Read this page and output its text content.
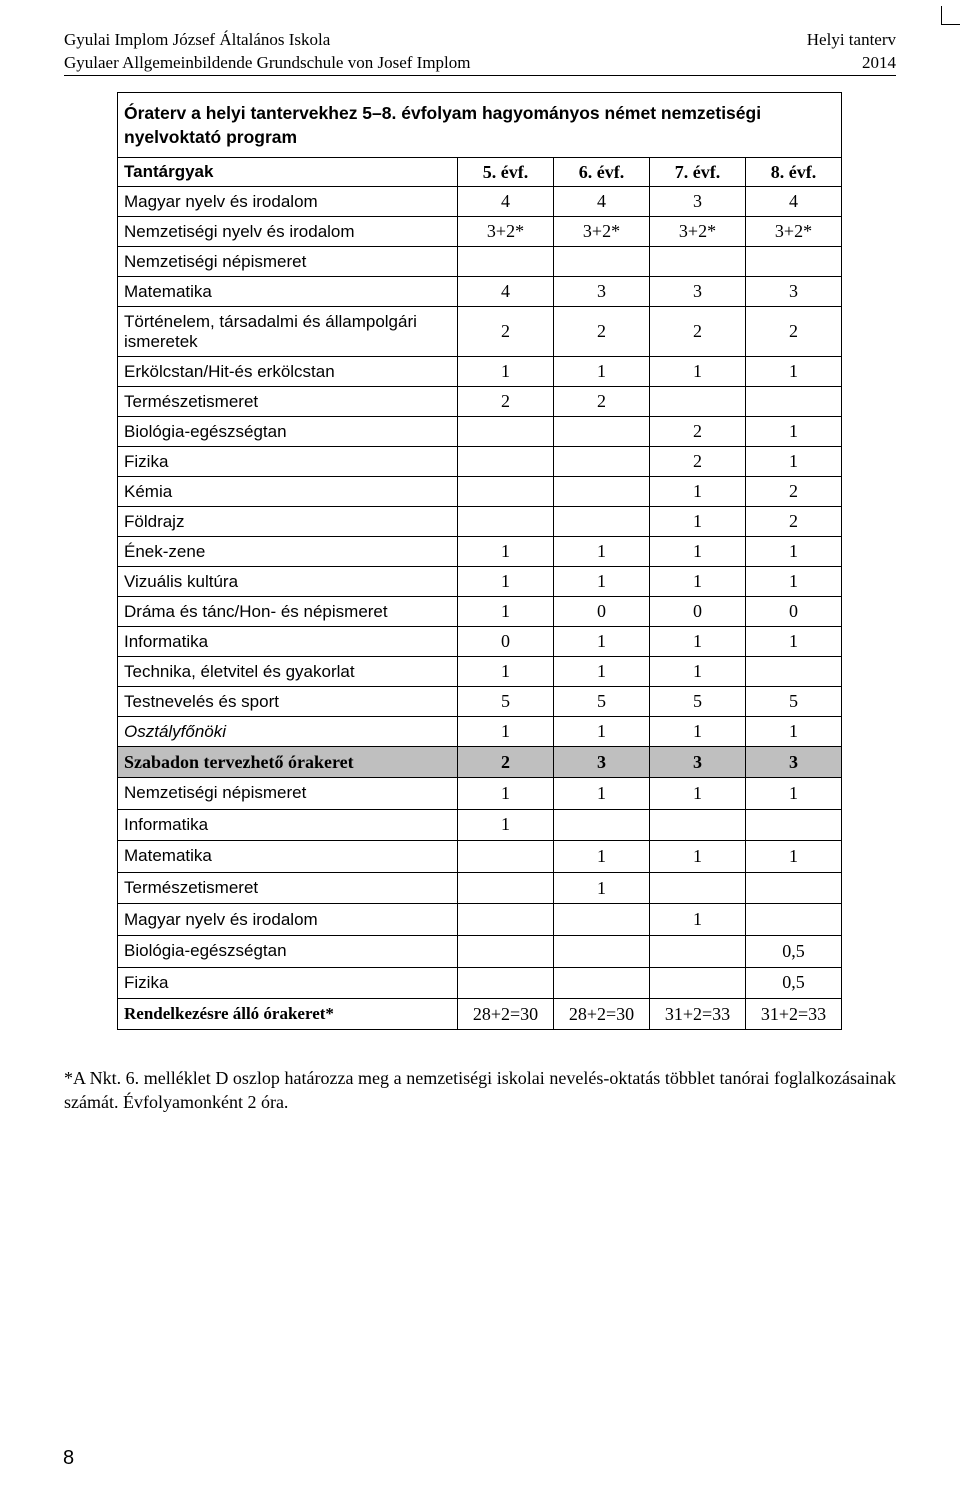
Gyulai Implom József Általános Iskola	Helyi tanterv
Gyulaer Allgemeinbildende Grundschule von Josef Implom	2014
Óraterv a helyi tantervekhez 5–8. évfolyam hagyományos német nemzetiségi nyelvoktató program				
Tantárgyak	5. évf.	6. évf.	7. évf.	8. évf.
Magyar nyelv és irodalom	4	4	3	4
Nemzetiségi nyelv és irodalom	3+2*	3+2*	3+2*	3+2*
Nemzetiségi népismeret				
Matematika	4	3	3	3
Történelem, társadalmi és állampolgári ismeretek	2	2	2	2
Erkölcstan/Hit-és erkölcstan	1	1	1	1
Természetismeret	2	2		
Biológia-egészségtan			2	1
Fizika			2	1
Kémia			1	2
Földrajz			1	2
Ének-zene	1	1	1	1
Vizuális kultúra	1	1	1	1
Dráma és tánc/Hon- és népismeret	1	0	0	0
Informatika	0	1	1	1
Technika, életvitel és gyakorlat	1	1	1	
Testnevelés és sport	5	5	5	5
Osztályfőnöki	1	1	1	1
Szabadon tervezhető órakeret	2	3	3	3
Nemzetiségi népismeret	1	1	1	1
Informatika	1			
Matematika		1	1	1
Természetismeret		1		
Magyar nyelv és irodalom			1	
Biológia-egészségtan				0,5
Fizika				0,5
Rendelkezésre álló órakeret*	28+2=30	28+2=30	31+2=33	31+2=33
*A Nkt. 6. melléklet D oszlop határozza meg a nemzetiségi iskolai nevelés-oktatás többlet tanórai foglalkozásainak számát. Évfolyamonként 2 óra.
8
